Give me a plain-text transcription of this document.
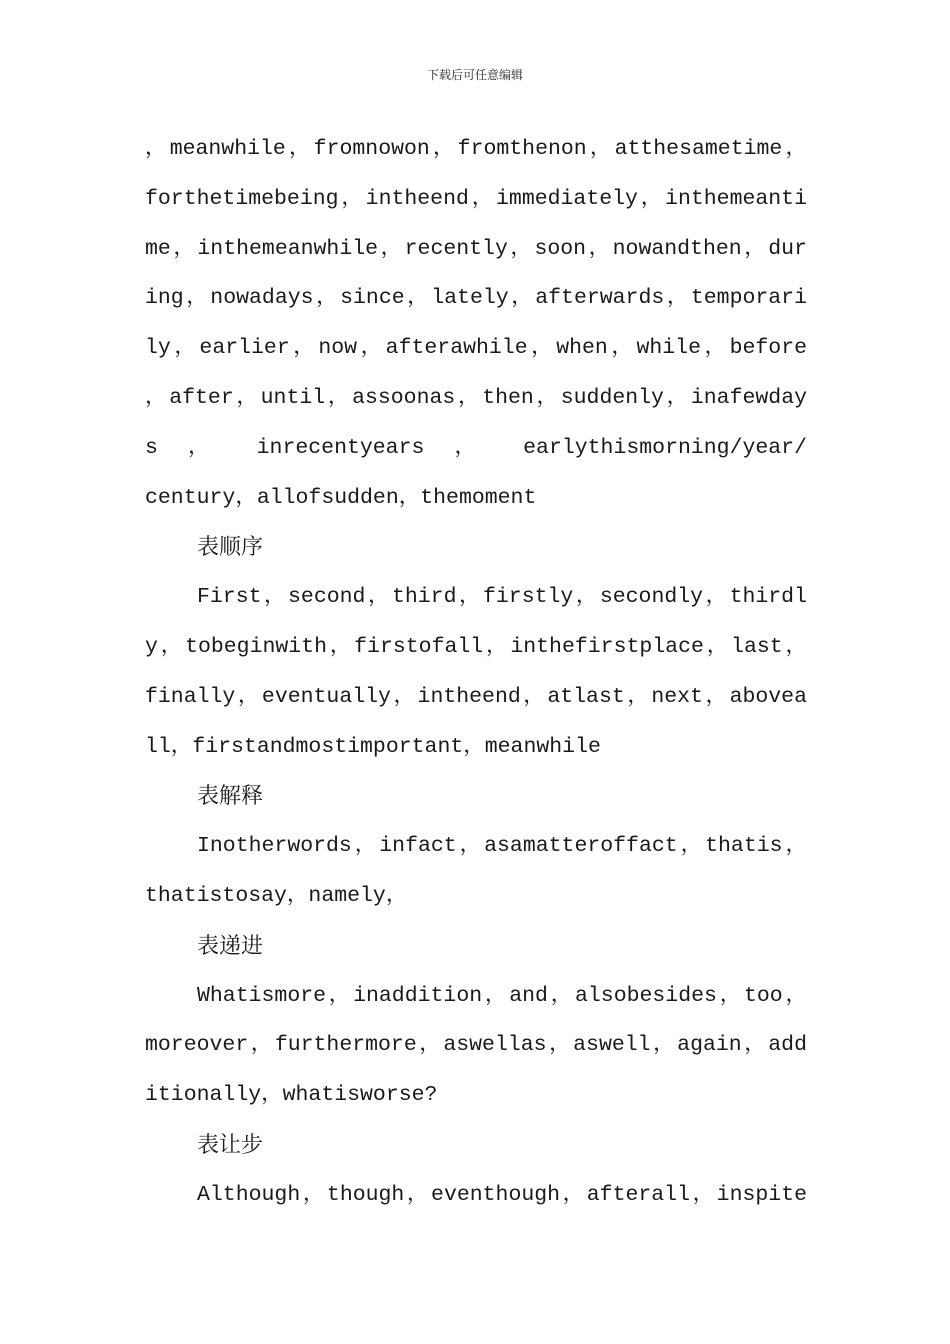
下载后可任意编辑
，meanwhile，fromnowon，fromthenon，atthesametime，
forthetimebeing，intheend，immediately，inthemeanti
me，inthemeanwhile，recently，soon，nowandthen，dur
ing，nowadays，since，lately，afterwards，temporari
ly，earlier，now，afterawhile，when，while，before
，after，until，assoonas，then，suddenly，inafewday
s ， inrecentyears ， earlythismorning/year/
century，allofsudden，themoment
表顺序
First，second，third，firstly，secondly，thirdl
y，tobeginwith，firstofall，inthefirstplace，last，
finally，eventually，intheend，atlast，next，abovea
ll，firstandmostimportant，meanwhile
表解释
Inotherwords，infact，asamatteroffact，thatis，
thatistosay，namely，
表递进
Whatismore，inaddition，and，alsobesides，too，
moreover，furthermore，aswellas，aswell，again，add
itionally，whatisworse?
表让步
Although，though，eventhough，afterall，inspite
